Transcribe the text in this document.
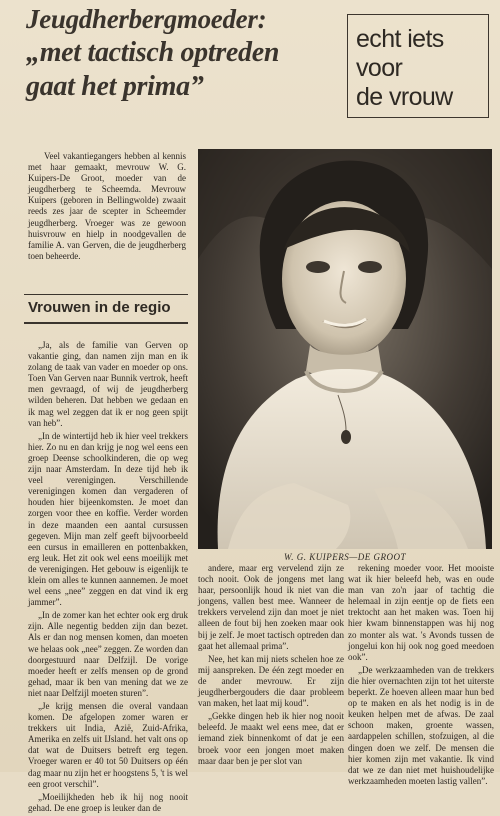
Jeugdherbergmoeder:
„met tactisch optreden
gaat het prima”
echt iets
voor
de vrouw

Veel vakantiegangers hebben al kennis met haar gemaakt, mevrouw W. G. Kuipers-De Groot, moeder van de jeugdherberg te Scheemda. Mevrouw Kuipers (geboren in Bellingwolde) zwaait reeds zes jaar de scepter in Scheemder jeugdherberg. Vroeger was ze gewoon huisvrouw en hielp in noodgevallen de familie A. van Gerven, die de jeugdherberg toen beheerde.

Vrouwen in de regio

„Ja, als de familie van Gerven op vakantie ging, dan namen zijn man en ik zolang de taak van vader en moeder op ons. Toen Van Gerven naar Bunnik vertrok, heeft men gevraagd, of wij de jeugdherberg wilden beheren. Dat hebben we gedaan en ik mag wel zeggen dat ik er nog geen spijt van heb”.

„In de wintertijd heb ik hier veel trekkers hier. Zo nu en dan krijg je nog wel eens een groep Deense schoolkinderen, die op weg zijn naar Amsterdam. In deze tijd heb ik veel verenigingen. Verschillende verenigingen komen dan vergaderen of houden hier bijeenkomsten. Je moet dan zorgen voor thee en koffie. Verder worden in deze maanden een aantal cursussen gegeven. Mijn man zelf geeft bijvoorbeeld een cursus in emailleren en pottenbakken, erg leuk. Het zit ook wel eens moeilijk met de verenigingen. Het gebouw is eigenlijk te klein om alles te kunnen aannemen. Je moet wel eens „nee” zeggen en dat vind ik erg jammer”.

„In de zomer kan het echter ook erg druk zijn. Alle negentig bedden zijn dan bezet. Als er dan nog mensen komen, dan moeten we helaas ook „nee” zeggen. Ze worden dan doorgestuurd naar Delfzijl. De vorige moeder heeft er zelfs mensen op de grond gehad, maar ik ben van mening dat we ze niet naar Delfzijl moeten sturen”.

„Je krijg mensen die overal vandaan komen. De afgelopen zomer waren er trekkers uit India, Azië, Zuid-Afrika, Amerika en zelfs uit IJsland. het valt ons op dat wat de Duitsers betreft erg tegen. Vroeger waren er 40 tot 50 Duitsers op één dag maar nu zijn het er hoogstens 5, 't is wel een groot verschil”.

„Moeilijkheden heb ik hij nog nooit gehad. De ene groep is leuker dan de

W. G. KUIPERS—DE GROOT

andere, maar erg vervelend zijn ze toch nooit. Ook de jongens met lang haar, persoonlijk houd ik niet van die jongens, vallen best mee. Wanneer de trekkers vervelend zijn dan moet je niet alleen de fout bij hen zoeken maar ook bij je zelf. Je moet tactisch optreden dan gaat het allemaal prima”.

Nee, het kan mij niets schelen hoe ze mij aanspreken. De één zegt moeder en de ander mevrouw. Er zijn jeugdherbergouders die daar probleem van maken, het laat mij koud”.

„Gekke dingen heb ik hier nog nooit beleefd. Je maakt wel eens mee, dat er iemand ziek binnenkomt of dat je een broek voor een jongen moet maken maar daar ben je per slot van

rekening moeder voor. Het mooiste wat ik hier beleefd heb, was en oude man van zo'n jaar of tachtig die helemaal in zijn eentje op de fiets een trektocht aan het maken was. Toen hij hier kwam binnenstappen was hij nog zo monter als wat. 's Avonds tussen de jongelui kon hij ook nog goed meedoen ook”.

„De werkzaamheden van de trekkers die hier overnachten zijn tot het uiterste beperkt. Ze hoeven alleen maar hun bed op te maken en als het nodig is in de keuken helpen met de afwas. De zaal schoon maken, groente wassen, aardappelen schillen, stofzuigen, al die dingen doen we zelf. De mensen die hier komen zijn met vakantie. Ik vind dat we ze dan niet met huishoudelijke werkzaamheden moeten lastig vallen”.
